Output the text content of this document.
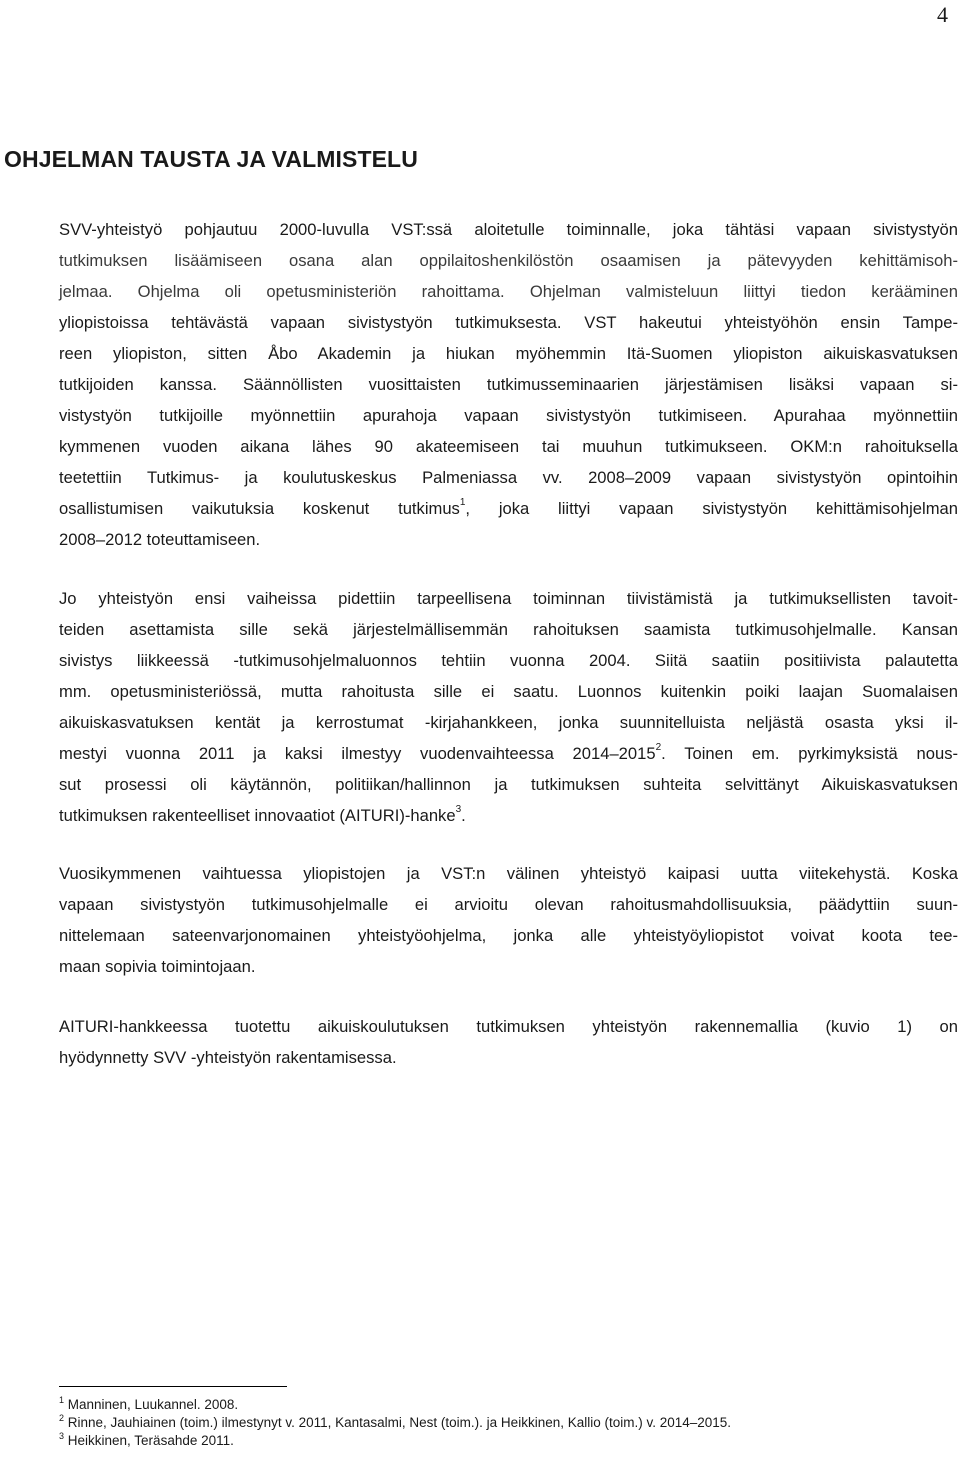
4
OHJELMAN TAUSTA JA VALMISTELU

SVV-yhteistyö pohjautuu 2000-luvulla VST:ssä aloitetulle toiminnalle, joka tähtäsi vapaan sivistystyön
tutkimuksen lisäämiseen osana alan oppilaitoshenkilöstön osaamisen ja pätevyyden kehittämisoh-
jelmaa. Ohjelma oli opetusministeriön rahoittama. Ohjelman valmisteluun liittyi tiedon kerääminen
yliopistoissa tehtävästä vapaan sivistystyön tutkimuksesta. VST hakeutui yhteistyöhön ensin Tampe-
reen yliopiston, sitten Åbo Akademin ja hiukan myöhemmin Itä-Suomen yliopiston aikuiskasvatuksen
tutkijoiden kanssa. Säännöllisten vuosittaisten tutkimusseminaarien järjestämisen lisäksi vapaan si-
vistystyön tutkijoille myönnettiin apurahoja vapaan sivistystyön tutkimiseen. Apurahaa myönnettiin
kymmenen vuoden aikana lähes 90 akateemiseen tai muuhun tutkimukseen. OKM:n rahoituksella
teetettiin Tutkimus- ja koulutuskeskus Palmeniassa vv. 2008–2009 vapaan sivistystyön opintoihin
osallistumisen vaikutuksia koskenut tutkimus$^1$, joka liittyi vapaan sivistystyön kehittämisohjelman
2008–2012 toteuttamiseen.

Jo yhteistyön ensi vaiheissa pidettiin tarpeellisena toiminnan tiivistämistä ja tutkimuksellisten tavoit-
teiden asettamista sille sekä järjestelmällisemmän rahoituksen saamista tutkimusohjelmalle. Kansan
sivistys liikkeessä -tutkimusohjelmaluonnos tehtiin vuonna 2004. Siitä saatiin positiivista palautetta
mm. opetusministeriössä, mutta rahoitusta sille ei saatu. Luonnos kuitenkin poiki laajan Suomalaisen
aikuiskasvatuksen kentät ja kerrostumat -kirjahankkeen, jonka suunnitelluista neljästä osasta yksi il-
mestyi vuonna 2011 ja kaksi ilmestyy vuodenvaihteessa 2014–2015$^2$. Toinen em. pyrkimyksistä nous-
sut prosessi oli käytännön, politiikan/hallinnon ja tutkimuksen suhteita selvittänyt Aikuiskasvatuksen
tutkimuksen rakenteelliset innovaatiot (AITURI)-hanke$^3$.

Vuosikymmenen vaihtuessa yliopistojen ja VST:n välinen yhteistyö kaipasi uutta viitekehystä. Koska
vapaan sivistystyön tutkimusohjelmalle ei arvioitu olevan rahoitusmahdollisuuksia, päädyttiin suun-
nittelemaan sateenvarjonomainen yhteistyöohjelma, jonka alle yhteistyöyliopistot voivat koota tee-
maan sopivia toimintojaan.

AITURI-hankkeessa tuotettu aikuiskoulutuksen tutkimuksen yhteistyön rakennemallia (kuvio 1) on
hyödynnetty SVV -yhteistyön rakentamisessa.

$^1$ Manninen, Luukannel. 2008.
$^2$ Rinne, Jauhiainen (toim.) ilmestynyt v. 2011, Kantasalmi, Nest (toim.). ja Heikkinen, Kallio (toim.) v. 2014–2015.
$^3$ Heikkinen, Teräsahde 2011.
